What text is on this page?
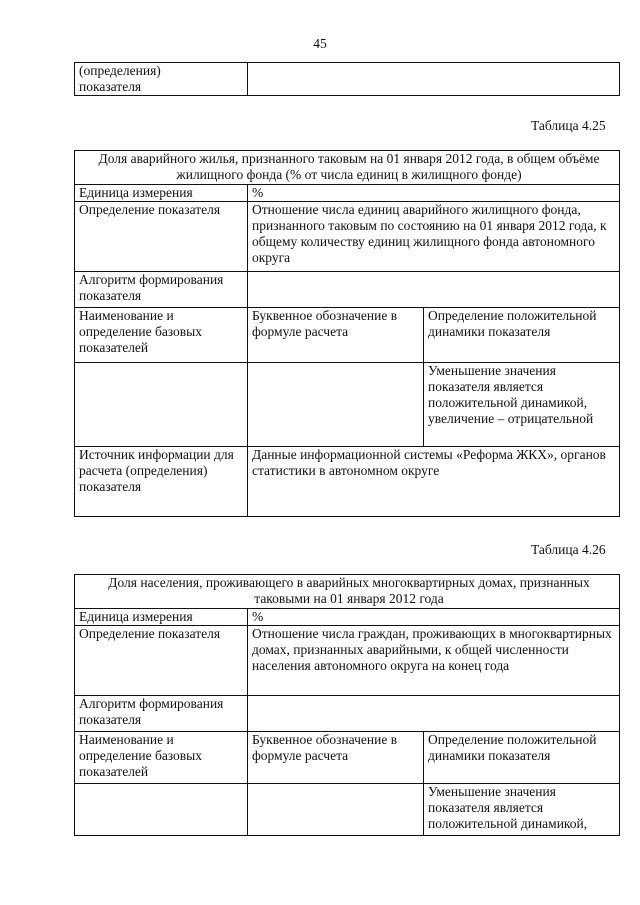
45
(определения)
показателя

Таблица 4.25
Доля аварийного жилья, признанного таковым на 01 января 2012 года, в общем объёме жилищного фонда (% от числа единиц в жилищного фонде)		
Единица измерения	%	
Определение показателя	Отношение числа единиц аварийного жилищного фонда, признанного таковым по состоянию на 01 января 2012 года, к общему количеству единиц жилищного фонда автономного округа	
Алгоритм формирования показателя		
Наименование и определение базовых показателей	Буквенное обозначение в формуле расчета	Определение положительной динамики показателя
		Уменьшение значения показателя является положительной динамикой, увеличение – отрицательной
Источник информации для расчета (определения) показателя	Данные информационной системы «Реформа ЖКХ», органов статистики в автономном округе	
Таблица 4.26
Доля населения, проживающего в аварийных многоквартирных домах, признанных таковыми на 01 января 2012 года		
Единица измерения	%	
Определение показателя	Отношение числа граждан, проживающих в многоквартирных домах, признанных аварийными, к общей численности населения автономного округа на конец года	
Алгоритм формирования показателя		
Наименование и определение базовых показателей	Буквенное обозначение в формуле расчета	Определение положительной динамики показателя
		Уменьшение значения показателя является положительной динамикой,
